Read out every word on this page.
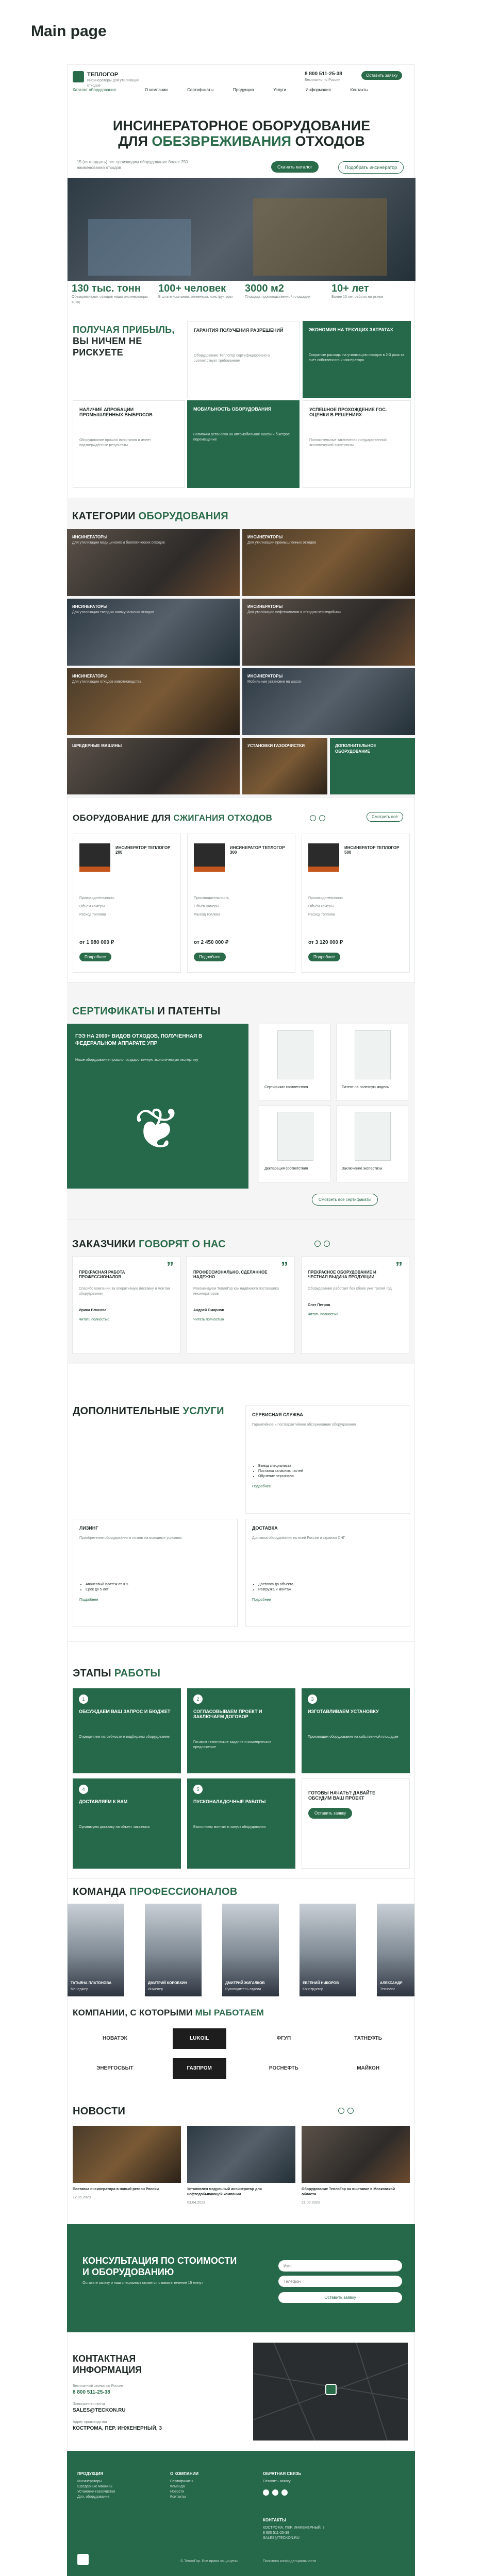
Main page
ТЕПЛОГОР
Инсинераторы для утилизации отходов
8 800 511-25-38
Бесплатно по России
Оставить заявку
Каталог оборудования	О компании	Сертификаты	Продукция	Услуги	Информация	Контакты
ИНСИНЕРАТОРНОЕ ОБОРУДОВАНИЕ
ДЛЯ ОБЕЗВРЕЖИВАНИЯ ОТХОДОВ
15 (пятнадцать) лет производим оборудование более 250 наименований отходов	Скачать каталог	Подобрать инсинератор
130 тыс. тонн
Обезвреживают отходов наши инсинераторы в год
100+ человек
В штате компании, инженеры, конструкторы
3000 м2
Площадь производственной площадки
10+ лет
Более 10 лет работы на рынке
ПОЛУЧАЯ ПРИБЫЛЬ, ВЫ НИЧЕМ НЕ РИСКУЕТЕ
ГАРАНТИЯ ПОЛУЧЕНИЯ РАЗРЕШЕНИЙ
Оборудование ТеплоГор сертифицировано и соответствует требованиям
ЭКОНОМИЯ НА ТЕКУЩИХ ЗАТРАТАХ
Сократите расходы на утилизацию отходов в 2-3 раза за счёт собственного инсинератора
НАЛИЧИЕ АПРОБАЦИИ ПРОМЫШЛЕННЫХ ВЫБРОСОВ
Оборудование прошло испытания и имеет подтверждённые результаты
МОБИЛЬНОСТЬ ОБОРУДОВАНИЯ
Возможна установка на автомобильное шасси и быстрое перемещение
УСПЕШНОЕ ПРОХОЖДЕНИЕ ГОС. ОЦЕНКИ В РЕШЕНИЯХ
Положительные заключения государственной экологической экспертизы
КАТЕГОРИИ ОБОРУДОВАНИЯ
ИНСИНЕРАТОРЫ
Для утилизации медицинских и биологических отходов
ИНСИНЕРАТОРЫ
Для утилизации промышленных отходов
ИНСИНЕРАТОРЫ
Для утилизации твердых коммунальных отходов
ИНСИНЕРАТОРЫ
Для утилизации нефтешламов и отходов нефтедобычи
ИНСИНЕРАТОРЫ
Для утилизации отходов животноводства
ИНСИНЕРАТОРЫ
Мобильные установки на шасси
ШРЕДЕРНЫЕ МАШИНЫ	УСТАНОВКИ ГАЗООЧИСТКИ	ДОПОЛНИТЕЛЬНОЕ ОБОРУДОВАНИЕ
ОБОРУДОВАНИЕ ДЛЯ СЖИГАНИЯ ОТХОДОВ	Смотреть всё
ИНСИНЕРАТОР ТЕПЛОГОР 200
Производительность
Объём камеры
Расход топлива
от 1 980 000 ₽
Подробнее
ИНСИНЕРАТОР ТЕПЛОГОР 300
Производительность
Объём камеры
Расход топлива
от 2 450 000 ₽
Подробнее
ИНСИНЕРАТОР ТЕПЛОГОР 500
Производительность
Объём камеры
Расход топлива
от 3 120 000 ₽
Подробнее
СЕРТИФИКАТЫ И ПАТЕНТЫ
ГЭЭ НА 2000+ ВИДОВ ОТХОДОВ, ПОЛУЧЕННАЯ В ФЕДЕРАЛЬНОМ АППАРАТЕ УПР
Наше оборудование прошло государственную экологическую экспертизу
❦
Сертификат соответствия	Патент на полезную модель
Декларация соответствия	Заключение экспертизы
Смотреть все сертификаты
ЗАКАЗЧИКИ ГОВОРЯТ О НАС
”
ПРЕКРАСНАЯ РАБОТА ПРОФЕССИОНАЛОВ
Спасибо компании за оперативную поставку и монтаж оборудования
Ирина Власова
Читать полностью
”
ПРОФЕССИОНАЛЬНО, СДЕЛАННОЕ НАДЕЖНО
Рекомендуем ТеплоГор как надёжного поставщика инсинераторов
Андрей Смирнов
Читать полностью
”
ПРЕКРАСНОЕ ОБОРУДОВАНИЕ И ЧЕСТНАЯ ВЫДАЧА ПРОДУКЦИИ
Оборудование работает без сбоев уже третий год
Олег Петров
Читать полностью
ДОПОЛНИТЕЛЬНЫЕ УСЛУГИ	СЕРВИСНАЯ СЛУЖБА
Гарантийное и постгарантийное обслуживание оборудования
• Выезд специалиста
• Поставка запасных частей
• Обучение персонала
Подробнее
ЛИЗИНГ
Приобретение оборудования в лизинг на выгодных условиях
• Авансовый платёж от 0%
• Срок до 5 лет
Подробнее
ДОСТАВКА
Доставка оборудования по всей России и странам СНГ
• Доставка до объекта
• Разгрузка и монтаж
Подробнее
ЭТАПЫ РАБОТЫ
1
ОБСУЖДАЕМ ВАШ ЗАПРОС И БЮДЖЕТ
Определяем потребности и подбираем оборудование
2
СОГЛАСОВЫВАЕМ ПРОЕКТ И ЗАКЛЮЧАЕМ ДОГОВОР
Готовим техническое задание и коммерческое предложение
3
ИЗГОТАВЛИВАЕМ УСТАНОВКУ
Производим оборудование на собственной площадке
4
ДОСТАВЛЯЕМ К ВАМ
Организуем доставку на объект заказчика
5
ПУСКОНАЛАДОЧНЫЕ РАБОТЫ
Выполняем монтаж и запуск оборудования
ГОТОВЫ НАЧАТЬ? ДАВАЙТЕ ОБСУДИМ ВАШ ПРОЕКТ
Оставить заявку
КОМАНДА ПРОФЕССИОНАЛОВ
ТАТЬЯНА ПЛАТОНОВА
Менеджер
ДМИТРИЙ КОРОБКИН
Инженер
ДМИТРИЙ ЖИГАЛКОВ
Руководитель отдела
ЕВГЕНИЙ НИКОРОВ
Конструктор
АЛЕКСАНДР
Технолог
КОМПАНИИ, С КОТОРЫМИ МЫ РАБОТАЕМ
НОВАТЭК	LUKOIL	ФГУП	ТАТНЕФТЬ
ЭНЕРГОСБЫТ	ГАЗПРОМ	РОСНЕФТЬ	МАЙКОН
НОВОСТИ
Поставка инсинератора в новый регион России
12.05.2023
Установлен модульный инсинератор для нефтедобывающей компании
03.04.2023
Оборудование ТеплоГор на выставке в Московской области
21.03.2023
КОНСУЛЬТАЦИЯ ПО СТОИМОСТИ И ОБОРУДОВАНИЮ
Оставьте заявку и наш специалист свяжется с вами в течение 15 минут
Имя
Телефон
Оставить заявку
КОНТАКТНАЯ ИНФОРМАЦИЯ
Бесплатный звонок по России
8 800 511-25-38
Электронная почта
SALES@TECKON.RU
Адрес производства
КОСТРОМА, ПЕР. ИНЖЕНЕРНЫЙ, 3
ПРОДУКЦИЯ
Инсинераторы
Шредерные машины
Установки газоочистки
Доп. оборудование
О КОМПАНИИ
Сертификаты
Команда
Новости
Контакты
ОБРАТНАЯ СВЯЗЬ
Оставить заявку
КОНТАКТЫ
КОСТРОМА, ПЕР. ИНЖЕНЕРНЫЙ, 3
8 800 511-25-38
SALES@TECKON.RU
© ТеплоГор. Все права защищены	Политика конфиденциальности
